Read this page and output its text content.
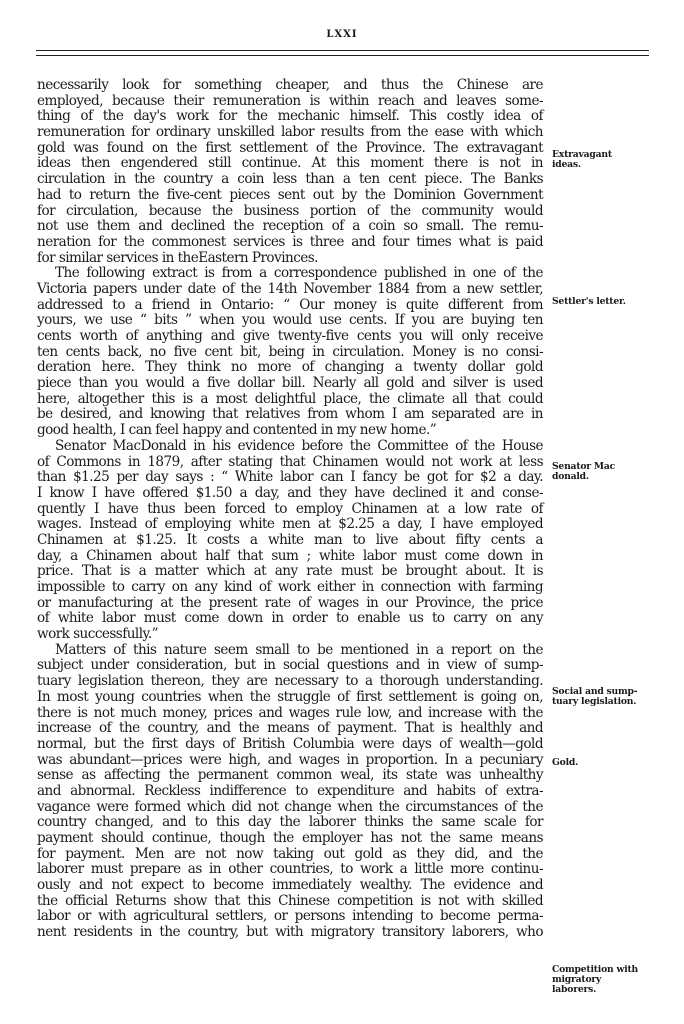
LXXI
necessarily look for something cheaper, and thus the Chinese are
employed, because their remuneration is within reach and leaves some-
thing of the day's work for the mechanic himself. This costly idea of
remuneration for ordinary unskilled labor results from the ease with which
gold was found on the first settlement of the Province. The extravagant
ideas then engendered still continue. At this moment there is not in
circulation in the country a coin less than a ten cent piece. The Banks
had to return the five-cent pieces sent out by the Dominion Government
for circulation, because the business portion of the community would
not use them and declined the reception of a coin so small. The remu-
neration for the commonest services is three and four times what is paid
for similar services in theEastern Provinces.
The following extract is from a correspondence published in one of the
Victoria papers under date of the 14th November 1884 from a new settler,
addressed to a friend in Ontario: “ Our money is quite different from
yours, we use “ bits ” when you would use cents. If you are buying ten
cents worth of anything and give twenty-five cents you will only receive
ten cents back, no five cent bit, being in circulation. Money is no consi-
deration here. They think no more of changing a twenty dollar gold
piece than you would a five dollar bill. Nearly all gold and silver is used
here, altogether this is a most delightful place, the climate all that could
be desired, and knowing that relatives from whom I am separated are in
good health, I can feel happy and contented in my new home.”
Senator MacDonald in his evidence before the Committee of the House
of Commons in 1879, after stating that Chinamen would not work at less
than $1.25 per day says : “ White labor can I fancy be got for $2 a day.
I know I have offered $1.50 a day, and they have declined it and conse-
quently I have thus been forced to employ Chinamen at a low rate of
wages. Instead of employing white men at $2.25 a day, I have employed
Chinamen at $1.25. It costs a white man to live about fifty cents a
day, a Chinamen about half that sum ; white labor must come down in
price. That is a matter which at any rate must be brought about. It is
impossible to carry on any kind of work either in connection with farming
or manufacturing at the present rate of wages in our Province, the price
of white labor must come down in order to enable us to carry on any
work successfully.”
Matters of this nature seem small to be mentioned in a report on the
subject under consideration, but in social questions and in view of sump-
tuary legislation thereon, they are necessary to a thorough understanding.
In most young countries when the struggle of first settlement is going on,
there is not much money, prices and wages rule low, and increase with the
increase of the country, and the means of payment. That is healthly and
normal, but the first days of British Columbia were days of wealth—gold
was abundant—prices were high, and wages in proportion. In a pecuniary
sense as affecting the permanent common weal, its state was unhealthy
and abnormal. Reckless indifference to expenditure and habits of extra-
vagance were formed which did not change when the circumstances of the
country changed, and to this day the laborer thinks the same scale for
payment should continue, though the employer has not the same means
for payment. Men are not now taking out gold as they did, and the
laborer must prepare as in other countries, to work a little more continu-
ously and not expect to become immediately wealthy. The evidence and
the official Returns show that this Chinese competition is not with skilled
labor or with agricultural settlers, or persons intending to become perma-
nent residents in the country, but with migratory transitory laborers, who
Extravagant
ideas.
Settler's letter.
Senator Mac
donald.
Social and sump-
tuary legislation.
Gold.
Competition with
migratory
laborers.
